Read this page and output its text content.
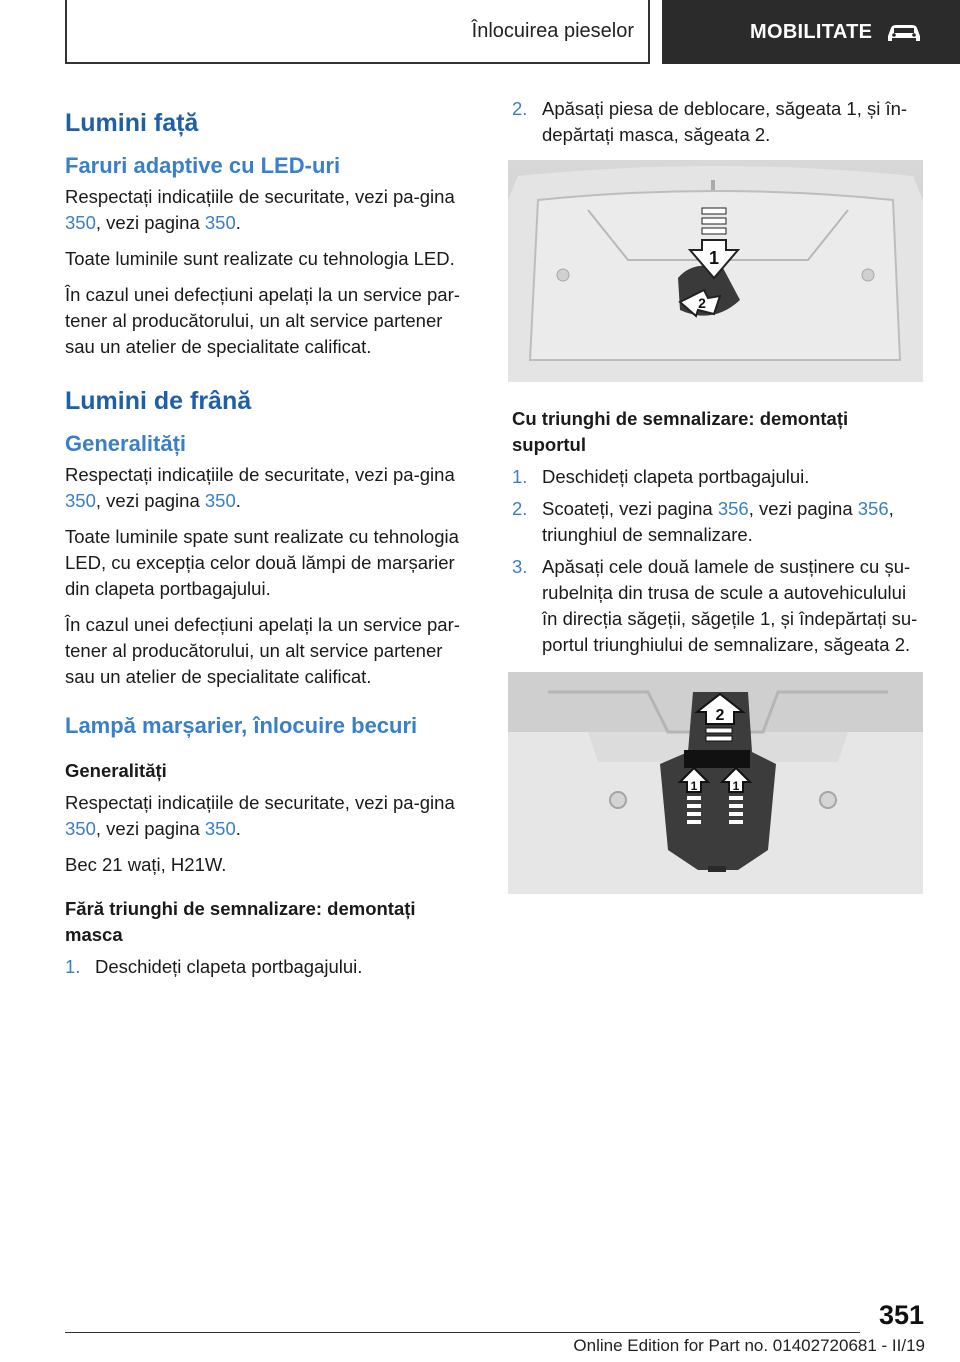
Înlocuirea pieselor	MOBILITATE
Lumini față
Faruri adaptive cu LED-uri

Respectați indicațiile de securitate, vezi pa-gina 350, vezi pagina 350.

Toate luminile sunt realizate cu tehnologia LED.

În cazul unei defecțiuni apelați la un service par-tener al producătorului, un alt service partener sau un atelier de specialitate calificat.

Lumini de frână
Generalități

Respectați indicațiile de securitate, vezi pa-gina 350, vezi pagina 350.

Toate luminile spate sunt realizate cu tehnologia LED, cu excepția celor două lămpi de marșarier din clapeta portbagajului.

În cazul unei defecțiuni apelați la un service par-tener al producătorului, un alt service partener sau un atelier de specialitate calificat.

Lampă marșarier, înlocuire becuri
Generalități

Respectați indicațiile de securitate, vezi pa-gina 350, vezi pagina 350.

Bec 21 wați, H21W.

Fără triunghi de semnalizare: demontați masca
1. Deschideți clapeta portbagajului.
2. Apăsați piesa de deblocare, săgeata 1, și în-depărtați masca, săgeata 2.
1
2
Cu triunghi de semnalizare: demontați suportul
1. Deschideți clapeta portbagajului.
2. Scoateți, vezi pagina 356, vezi pagina 356, triunghiul de semnalizare.
3. Apăsați cele două lamele de susținere cu șu-rubelnița din trusa de scule a autovehiculului în direcția săgeții, săgețile 1, și îndepărtați su-portul triunghiului de semnalizare, săgeata 2.
2
1	1
351
Online Edition for Part no. 01402720681 - II/19
